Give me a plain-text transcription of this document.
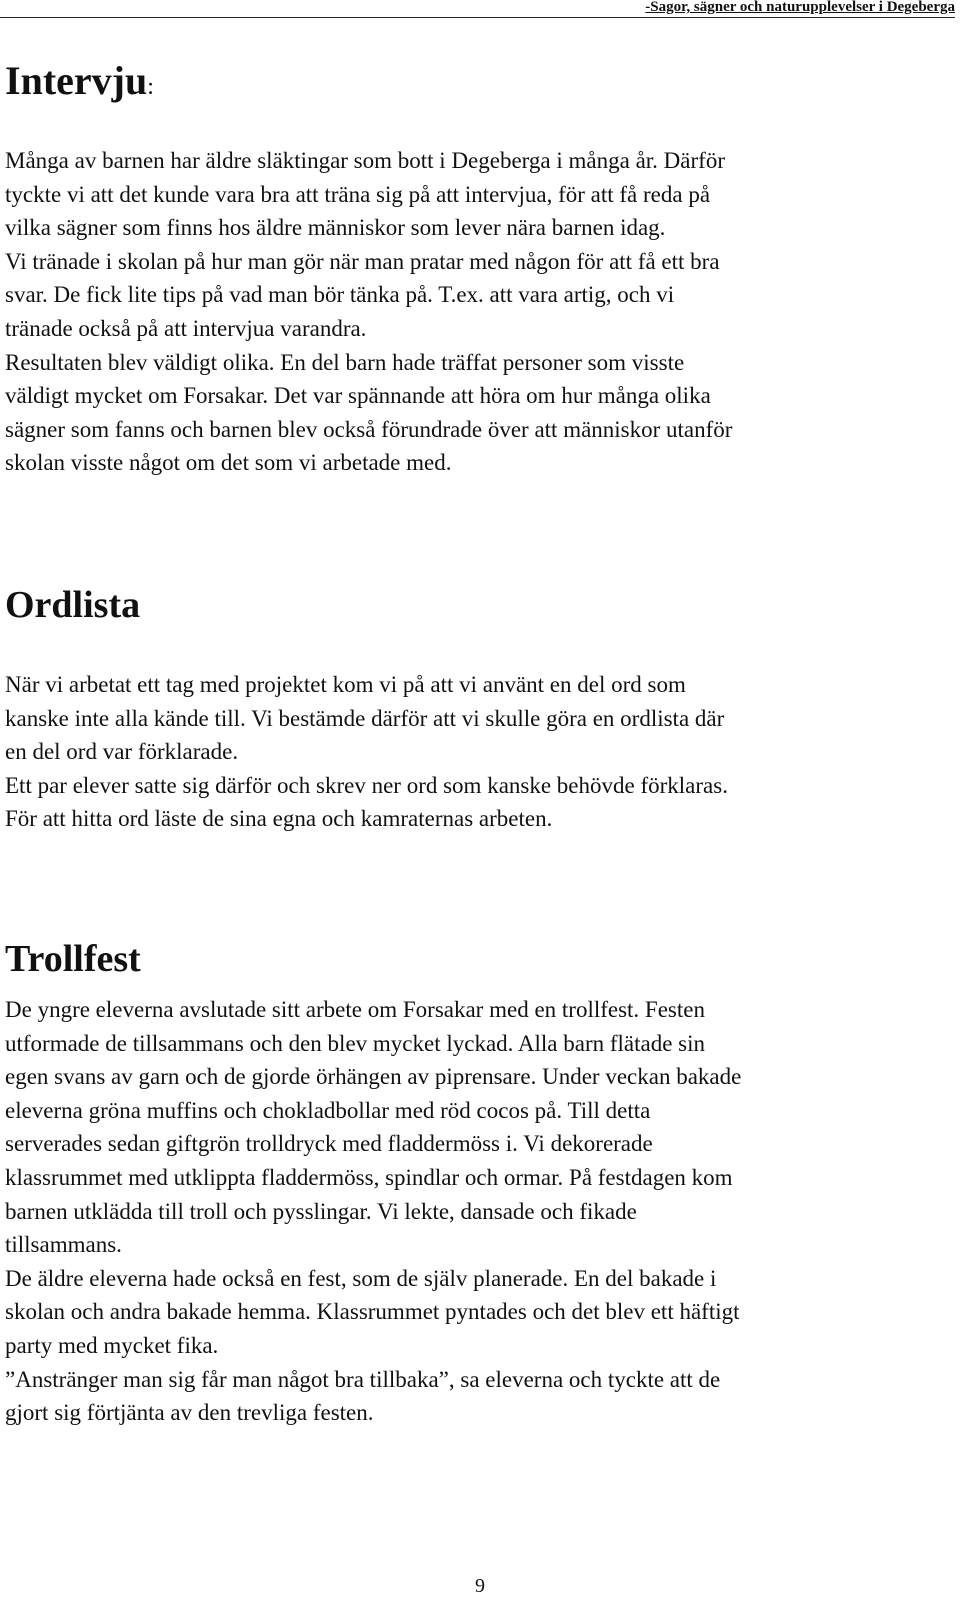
-Sagor, sägner och naturupplevelser i Degeberga
Intervju:

Många av barnen har äldre släktingar som bott i Degeberga i många år. Därför
tyckte vi att det kunde vara bra att träna sig på att intervjua, för att få reda på
vilka sägner som finns hos äldre människor som lever nära barnen idag.
Vi tränade i skolan på hur man gör när man pratar med någon för att få ett bra
svar. De fick lite tips på vad man bör tänka på. T.ex. att vara artig, och vi
tränade också på att intervjua varandra.
Resultaten blev väldigt olika. En del barn hade träffat personer som visste
väldigt mycket om Forsakar. Det var spännande att höra om hur många olika
sägner som fanns och barnen blev också förundrade över att människor utanför
skolan visste något om det som vi arbetade med.

Ordlista

När vi arbetat ett tag med projektet kom vi på att vi använt en del ord som
kanske inte alla kände till. Vi bestämde därför att vi skulle göra en ordlista där
en del ord var förklarade.
Ett par elever satte sig därför och skrev ner ord som kanske behövde förklaras.
För att hitta ord läste de sina egna och kamraternas arbeten.

Trollfest

De yngre eleverna avslutade sitt arbete om Forsakar med en trollfest. Festen
utformade de tillsammans och den blev mycket lyckad. Alla barn flätade sin
egen svans av garn och de gjorde örhängen av piprensare. Under veckan bakade
eleverna gröna muffins och chokladbollar med röd cocos på. Till detta
serverades sedan giftgrön trolldryck med fladdermöss i. Vi dekorerade
klassrummet med utklippta fladdermöss, spindlar och ormar. På festdagen kom
barnen utklädda till troll och pysslingar. Vi lekte, dansade och fikade
tillsammans.
De äldre eleverna hade också en fest, som de själv planerade. En del bakade i
skolan och andra bakade hemma. Klassrummet pyntades och det blev ett häftigt
party med mycket fika.
”Anstränger man sig får man något bra tillbaka”, sa eleverna och tyckte att de
gjort sig förtjänta av den trevliga festen.

9
